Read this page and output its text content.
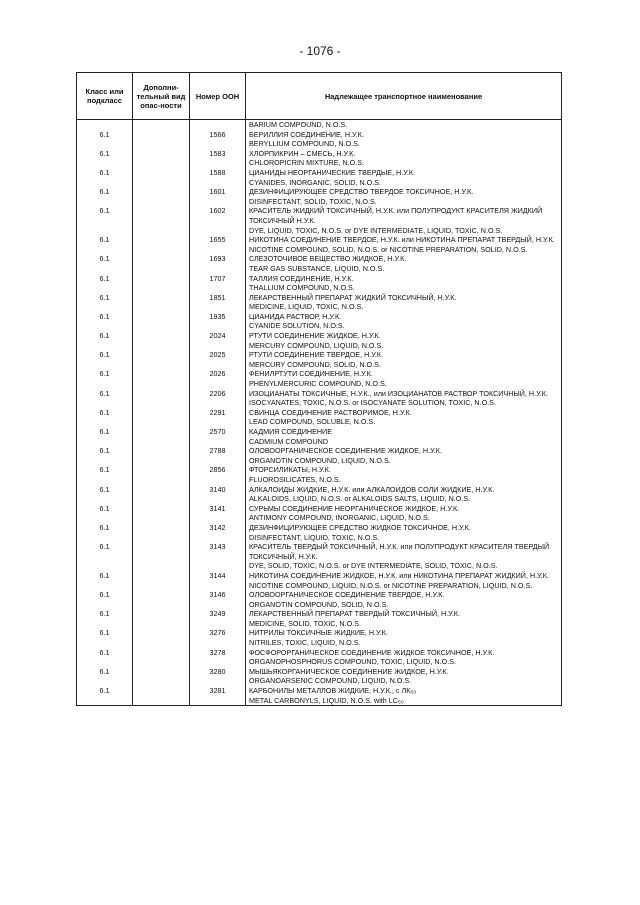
- 1076 -
Класс или подкласс	Дополни-тельный вид опас-ности	Номер ООН	Надлежащее транспортное наименование

			BARIUM COMPOUND, N.O.S.

6.1		1566	БЕРИЛЛИЯ СОЕДИНЕНИЕ, Н.У.К.
BERYLLIUM COMPOUND, N.O.S.

6.1		1583	ХЛОРПИКРИН – СМЕСЬ, Н.У.К.
CHLOROPICRIN MIXTURE, N.O.S.

6.1		1588	ЦИАНИДЫ НЕОРГАНИЧЕСКИЕ ТВЕРДЫЕ, Н.У.К.
CYANIDES, INORGANIC, SOLID, N.O.S.

6.1		1601	ДЕЗИНФИЦИРУЮЩЕЕ СРЕДСТВО ТВЕРДОЕ ТОКСИЧНОЕ, Н.У.К.
DISINFECTANT, SOLID, TOXIC, N.O.S.

6.1		1602	КРАСИТЕЛЬ ЖИДКИЙ ТОКСИЧНЫЙ, Н.У.К. или ПОЛУПРОДУКТ КРАСИТЕЛЯ ЖИДКИЙ ТОКСИЧНЫЙ Н.У.К.
DYE, LIQUID, TOXIC, N.O.S. or DYE INTERMEDIATE, LIQUID, TOXIC, N.O.S.

6.1		1655	НИКОТИНА СОЕДИНЕНИЕ ТВЕРДОЕ, Н.У.К. или НИКОТИНА ПРЕПАРАТ ТВЕРДЫЙ, Н.У.К.
NICOTINE COMPOUND, SOLID, N.O.S. or NICOTINE PREPARATION, SOLID, N.O.S.

6.1		1693	СЛЕЗОТОЧИВОЕ ВЕЩЕСТВО ЖИДКОЕ, Н.У.К.
TEAR GAS SUBSTANCE, LIQUID, N.O.S.

6.1		1707	ТАЛЛИЯ СОЕДИНЕНИЕ, Н.У.К.
THALLIUM COMPOUND, N.O.S.

6.1		1851	ЛЕКАРСТВЕННЫЙ ПРЕПАРАТ ЖИДКИЙ ТОКСИЧНЫЙ, Н.У.К.
MEDICINE, LIQUID, TOXIC, N.O.S.

6.1		1935	ЦИАНИДА РАСТВОР, Н.У.К.
CYANIDE SOLUTION, N.O.S.

6.1		2024	РТУТИ СОЕДИНЕНИЕ ЖИДКОЕ, Н.У.К.
MERCURY COMPOUND, LIQUID, N.O.S.

6.1		2025	РТУТИ СОЕДИНЕНИЕ ТВЕРДОЕ, Н.У.К.
MERCURY COMPOUND, SOLID, N.O.S.

6.1		2026	ФЕНИЛРТУТИ СОЕДИНЕНИЕ, Н.У.К.
PHENYLMERCURIC COMPOUND, N.O.S.

6.1		2206	ИЗОЦИАНАТЫ ТОКСИЧНЫЕ, Н.У.К., или ИЗОЦИАНАТОВ РАСТВОР ТОКСИЧНЫЙ, Н.У.К.
ISOCYANATES, TOXIC, N.O.S. or ISOCYANATE SOLUTION, TOXIC, N.O.S.

6.1		2291	СВИНЦА СОЕДИНЕНИЕ РАСТВОРИМОЕ, Н.У.К.
LEAD COMPOUND, SOLUBLE, N.O.S.

6.1		2570	КАДМИЯ СОЕДИНЕНИЕ
CADMIUM COMPOUND

6.1		2788	ОЛОВООРГАНИЧЕСКОЕ СОЕДИНЕНИЕ ЖИДКОЕ, Н.У.К.
ORGANOTIN COMPOUND, LIQUID, N.O.S.

6.1		2856	ФТОРСИЛИКАТЫ, Н.У.К.
FLUOROSILICATES, N.O.S.

6.1		3140	АЛКАЛОИДЫ ЖИДКИЕ, Н.У.К. или АЛКАЛОИДОВ СОЛИ ЖИДКИЕ, Н.У.К.
ALKALOIDS, LIQUID, N.O.S. or ALKALOIDS SALTS, LIQUID, N.O.S.

6.1		3141	СУРЬМЫ СОЕДИНЕНИЕ НЕОРГАНИЧЕСКОЕ ЖИДКОЕ, Н.У.К.
ANTIMONY COMPOUND, INORGANIC, LIQUID, N.O.S.

6.1		3142	ДЕЗИНФИЦИРУЮЩЕЕ СРЕДСТВО ЖИДКОЕ ТОКСИЧНОЕ, Н.У.К.
DISINFECTANT, LIQUID, TOXIC, N.O.S.

6.1		3143	КРАСИТЕЛЬ ТВЕРДЫЙ ТОКСИЧНЫЙ, Н.У.К. или ПОЛУПРОДУКТ КРАСИТЕЛЯ ТВЕРДЫЙ ТОКСИЧНЫЙ, Н.У.К.
DYE, SOLID, TOXIC, N.O.S. or DYE INTERMEDIATE, SOLID, TOXIC, N.O.S.

6.1		3144	НИКОТИНА СОЕДИНЕНИЕ ЖИДКОЕ, Н.У.К. или НИКОТИНА ПРЕПАРАТ ЖИДКИЙ, Н.У.К.
NICOTINE COMPOUND, LIQUID, N.O.S. or NICOTINE PREPARATION, LIQUID, N.O.S.

6.1		3146	ОЛОВООРГАНИЧЕСКОЕ СОЕДИНЕНИЕ ТВЕРДОЕ, Н.У.К.
ORGANOTIN COMPOUND, SOLID, N.O.S.

6.1		3249	ЛЕКАРСТВЕННЫЙ ПРЕПАРАТ ТВЕРДЫЙ ТОКСИЧНЫЙ, Н.У.К.
MEDICINE, SOLID, TOXIC, N.O.S.

6.1		3276	НИТРИЛЫ ТОКСИЧНЫЕ ЖИДКИЕ, Н.У.К.
NITRILES, TOXIC, LIQUID, N.O.S.

6.1		3278	ФОСФОРОРГАНИЧЕСКОЕ СОЕДИНЕНИЕ ЖИДКОЕ ТОКСИЧНОЕ, Н.У.К.
ORGANOPHOSPHORUS COMPOUND, TOXIC, LIQUID, N.O.S.

6.1		3280	МЫШЬЯКОРГАНИЧЕСКОЕ СОЕДИНЕНИЕ ЖИДКОЕ, Н.У.К.
ORGANOARSENIC COMPOUND, LIQUID, N.O.S.

6.1		3281	КАРБОНИЛЫ МЕТАЛЛОВ ЖИДКИЕ, Н.У.К., с ЛК₅₀
METAL CARBONYLS, LIQUID, N.O.S. with LC₅₀
